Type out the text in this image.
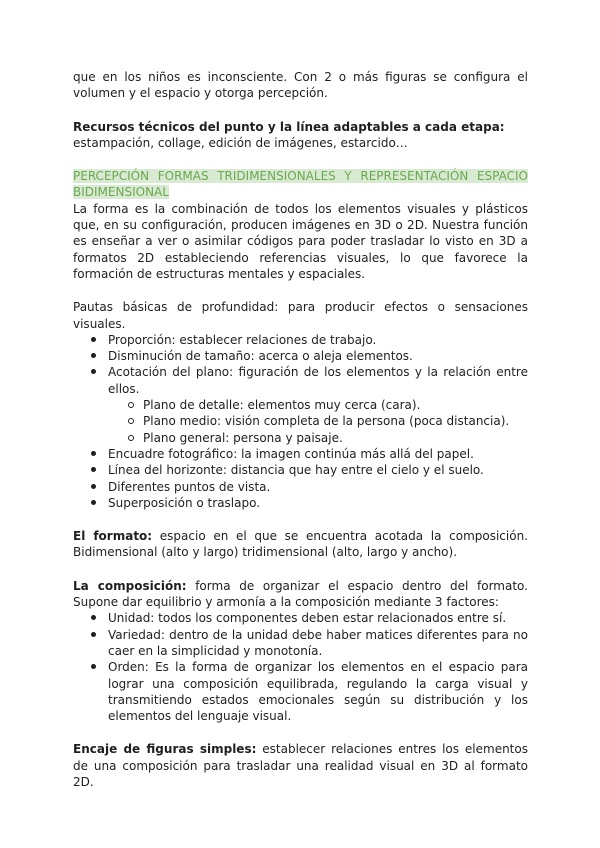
que en los niños es inconsciente. Con 2 o más figuras se configura el volumen y el espacio y otorga percepción.

Recursos técnicos del punto y la línea adaptables a cada etapa:

estampación, collage, edición de imágenes, estarcido…

PERCEPCIÓN FORMAS TRIDIMENSIONALES Y REPRESENTACIÓN ESPACIO BIDIMENSIONAL

La forma es la combinación de todos los elementos visuales y plásticos que, en su configuración, producen imágenes en 3D o 2D. Nuestra función es enseñar a ver o asimilar códigos para poder trasladar lo visto en 3D a formatos 2D estableciendo referencias visuales, lo que favorece la formación de estructuras mentales y espaciales.

Pautas básicas de profundidad: para producir efectos o sensaciones visuales.

Proporción: establecer relaciones de trabajo.
Disminución de tamaño: acerca o aleja elementos.
Acotación del plano: figuración de los elementos y la relación entre ellos.
Plano de detalle: elementos muy cerca (cara).
Plano medio: visión completa de la persona (poca distancia).
Plano general: persona y paisaje.
Encuadre fotográfico: la imagen continúa más allá del papel.
Línea del horizonte: distancia que hay entre el cielo y el suelo.
Diferentes puntos de vista.
Superposición o traslapo.

El formato: espacio en el que se encuentra acotada la composición. Bidimensional (alto y largo) tridimensional (alto, largo y ancho).

La composición: forma de organizar el espacio dentro del formato. Supone dar equilibrio y armonía a la composición mediante 3 factores:

Unidad: todos los componentes deben estar relacionados entre sí.
Variedad: dentro de la unidad debe haber matices diferentes para no caer en la simplicidad y monotonía.
Orden: Es la forma de organizar los elementos en el espacio para lograr una composición equilibrada, regulando la carga visual y transmitiendo estados emocionales según su distribución y los elementos del lenguaje visual.

Encaje de figuras simples: establecer relaciones entres los elementos de una composición para trasladar una realidad visual en 3D al formato 2D.
